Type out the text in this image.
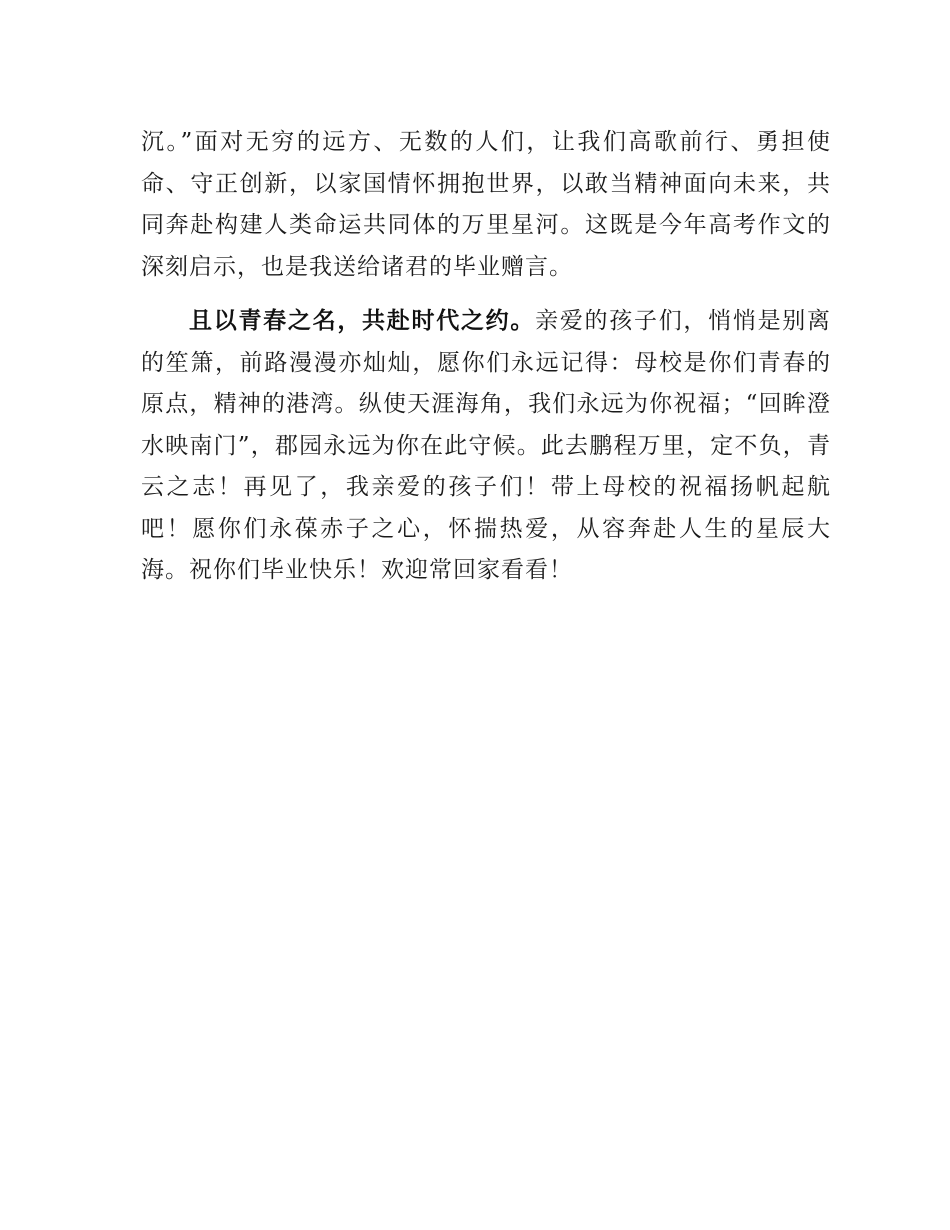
沉。”面对无穷的远方、无数的人们，让我们高歌前行、勇担使命、守正创新，以家国情怀拥抱世界，以敢当精神面向未来，共同奔赴构建人类命运共同体的万里星河。这既是今年高考作文的深刻启示，也是我送给诸君的毕业赠言。

且以青春之名，共赴时代之约。亲爱的孩子们，悄悄是别离的笙箫，前路漫漫亦灿灿，愿你们永远记得：母校是你们青春的原点，精神的港湾。纵使天涯海角，我们永远为你祝福；“回眸澄水映南门”，郡园永远为你在此守候。此去鹏程万里，定不负，青云之志！再见了，我亲爱的孩子们！带上母校的祝福扬帆起航吧！愿你们永葆赤子之心，怀揣热爱，从容奔赴人生的星辰大海。祝你们毕业快乐！欢迎常回家看看！
